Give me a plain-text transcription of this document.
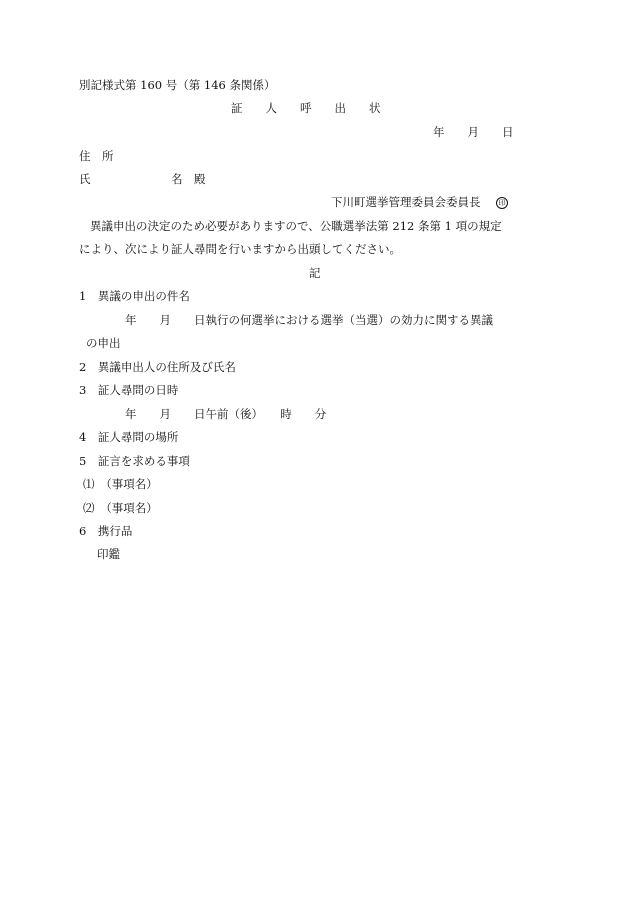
別記様式第 160 号（第 146 条関係）
証　　人　　呼　　出　　状
年　　月　　日
住　所
氏　　　　　　　名　殿
下川町選挙管理委員会委員長　	印
異議申出の決定のため必要がありますので、公職選挙法第 212 条第 1 項の規定
により、次により証人尋問を行いますから出頭してください。
記
1　異議の申出の件名
年　　月　　日執行の何選挙における選挙（当選）の効力に関する異議
の申出
2　異議申出人の住所及び氏名
3　証人尋問の日時
年　　月　　日午前（後）　　時　　分
4　証人尋問の場所
5　証言を求める事項
⑴　（事項名）
⑵　（事項名）
6　携行品
印鑑
